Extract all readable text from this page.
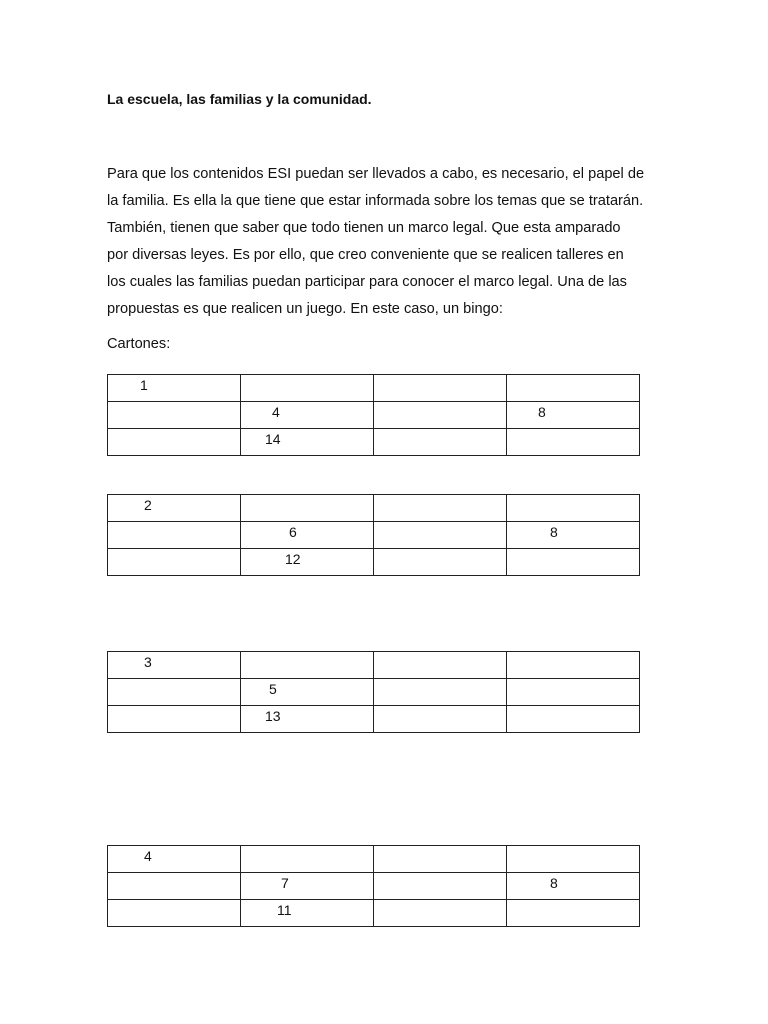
La escuela, las familias y la comunidad.

Para que los contenidos ESI puedan ser llevados a cabo, es necesario, el papel de
la familia. Es ella la que tiene que estar informada sobre los temas que se tratarán.
También, tienen que saber que todo tienen un marco legal. Que esta amparado
por diversas leyes. Es por ello, que creo conveniente que se realicen talleres en
los cuales las familias puedan participar para conocer el marco legal. Una de las
propuestas es que realicen un juego. En este caso, un bingo:

Cartones:

1			
	4		8
	14		
2			
	6		8
	12		
3			
	5		
	13		
4			
	7		8
	11		
